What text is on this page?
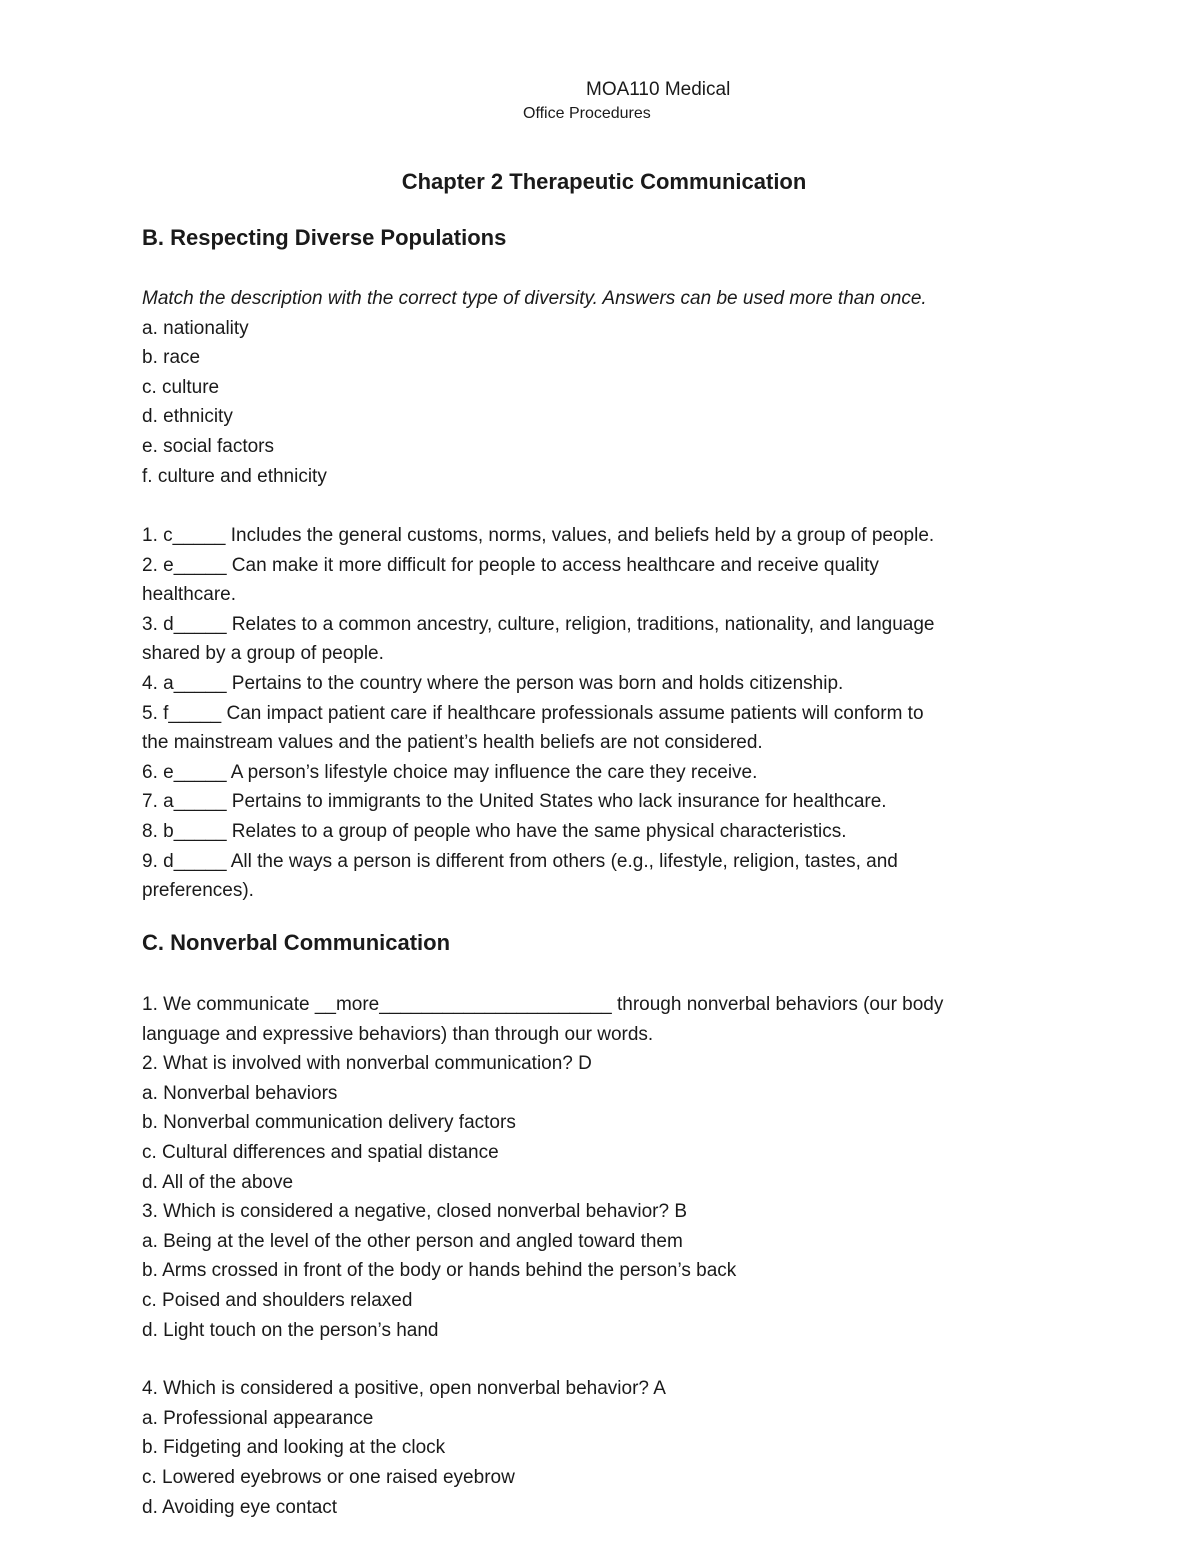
MOA110 Medical
Office Procedures
Chapter 2 Therapeutic Communication

B. Respecting Diverse Populations

Match the description with the correct type of diversity. Answers can be used more than once.

a. nationality

b. race

c. culture

d. ethnicity

e. social factors

f. culture and ethnicity

1. c_____ Includes the general customs, norms, values, and beliefs held by a group of people.

2. e_____ Can make it more difficult for people to access healthcare and receive quality

healthcare.

3. d_____ Relates to a common ancestry, culture, religion, traditions, nationality, and language

shared by a group of people.

4. a_____ Pertains to the country where the person was born and holds citizenship.

5. f_____ Can impact patient care if healthcare professionals assume patients will conform to

the mainstream values and the patient’s health beliefs are not considered.

6. e_____ A person’s lifestyle choice may influence the care they receive.

7. a_____ Pertains to immigrants to the United States who lack insurance for healthcare.

8. b_____ Relates to a group of people who have the same physical characteristics.

9. d_____ All the ways a person is different from others (e.g., lifestyle, religion, tastes, and

preferences).

C. Nonverbal Communication

1. We communicate __more______________________ through nonverbal behaviors (our body

language and expressive behaviors) than through our words.

2. What is involved with nonverbal communication? D

a. Nonverbal behaviors

b. Nonverbal communication delivery factors

c. Cultural differences and spatial distance

d. All of the above

3. Which is considered a negative, closed nonverbal behavior? B

a. Being at the level of the other person and angled toward them

b. Arms crossed in front of the body or hands behind the person’s back

c. Poised and shoulders relaxed

d. Light touch on the person’s hand

4. Which is considered a positive, open nonverbal behavior? A

a. Professional appearance

b. Fidgeting and looking at the clock

c. Lowered eyebrows or one raised eyebrow

d. Avoiding eye contact
